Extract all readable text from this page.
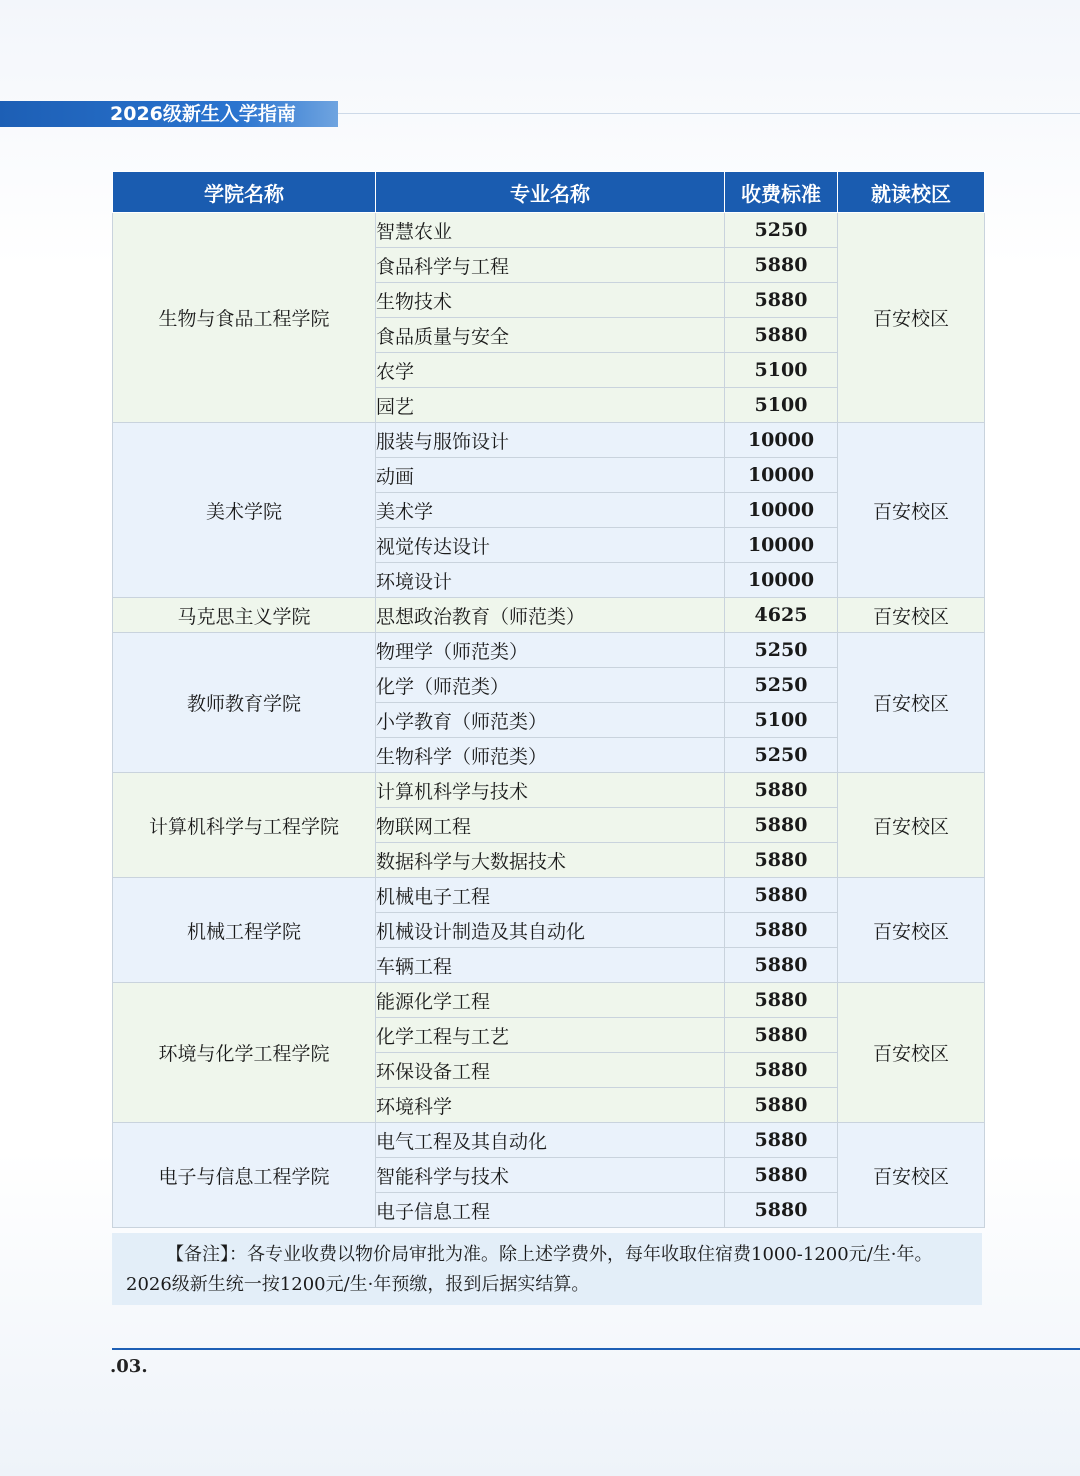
2026级新生入学指南
学院名称	专业名称	收费标准	就读校区
生物与食品工程学院	智慧农业	5250	百安校区
	食品科学与工程	5880	
	生物技术	5880	
	食品质量与安全	5880	
	农学	5100	
	园艺	5100	
美术学院	服装与服饰设计	10000	百安校区
	动画	10000	
	美术学	10000	
	视觉传达设计	10000	
	环境设计	10000	
马克思主义学院	思想政治教育（师范类）	4625	百安校区
教师教育学院	物理学（师范类）	5250	百安校区
	化学（师范类）	5250	
	小学教育（师范类）	5100	
	生物科学（师范类）	5250	
计算机科学与工程学院	计算机科学与技术	5880	百安校区
	物联网工程	5880	
	数据科学与大数据技术	5880	
机械工程学院	机械电子工程	5880	百安校区
	机械设计制造及其自动化	5880	
	车辆工程	5880	
环境与化学工程学院	能源化学工程	5880	百安校区
	化学工程与工艺	5880	
	环保设备工程	5880	
	环境科学	5880	
电子与信息工程学院	电气工程及其自动化	5880	百安校区
	智能科学与技术	5880	
	电子信息工程	5880	
【备注】：各专业收费以物价局审批为准。除上述学费外，每年收取住宿费1000-1200元/生·年。2026级新生统一按1200元/生·年预缴，报到后据实结算。
.03.
